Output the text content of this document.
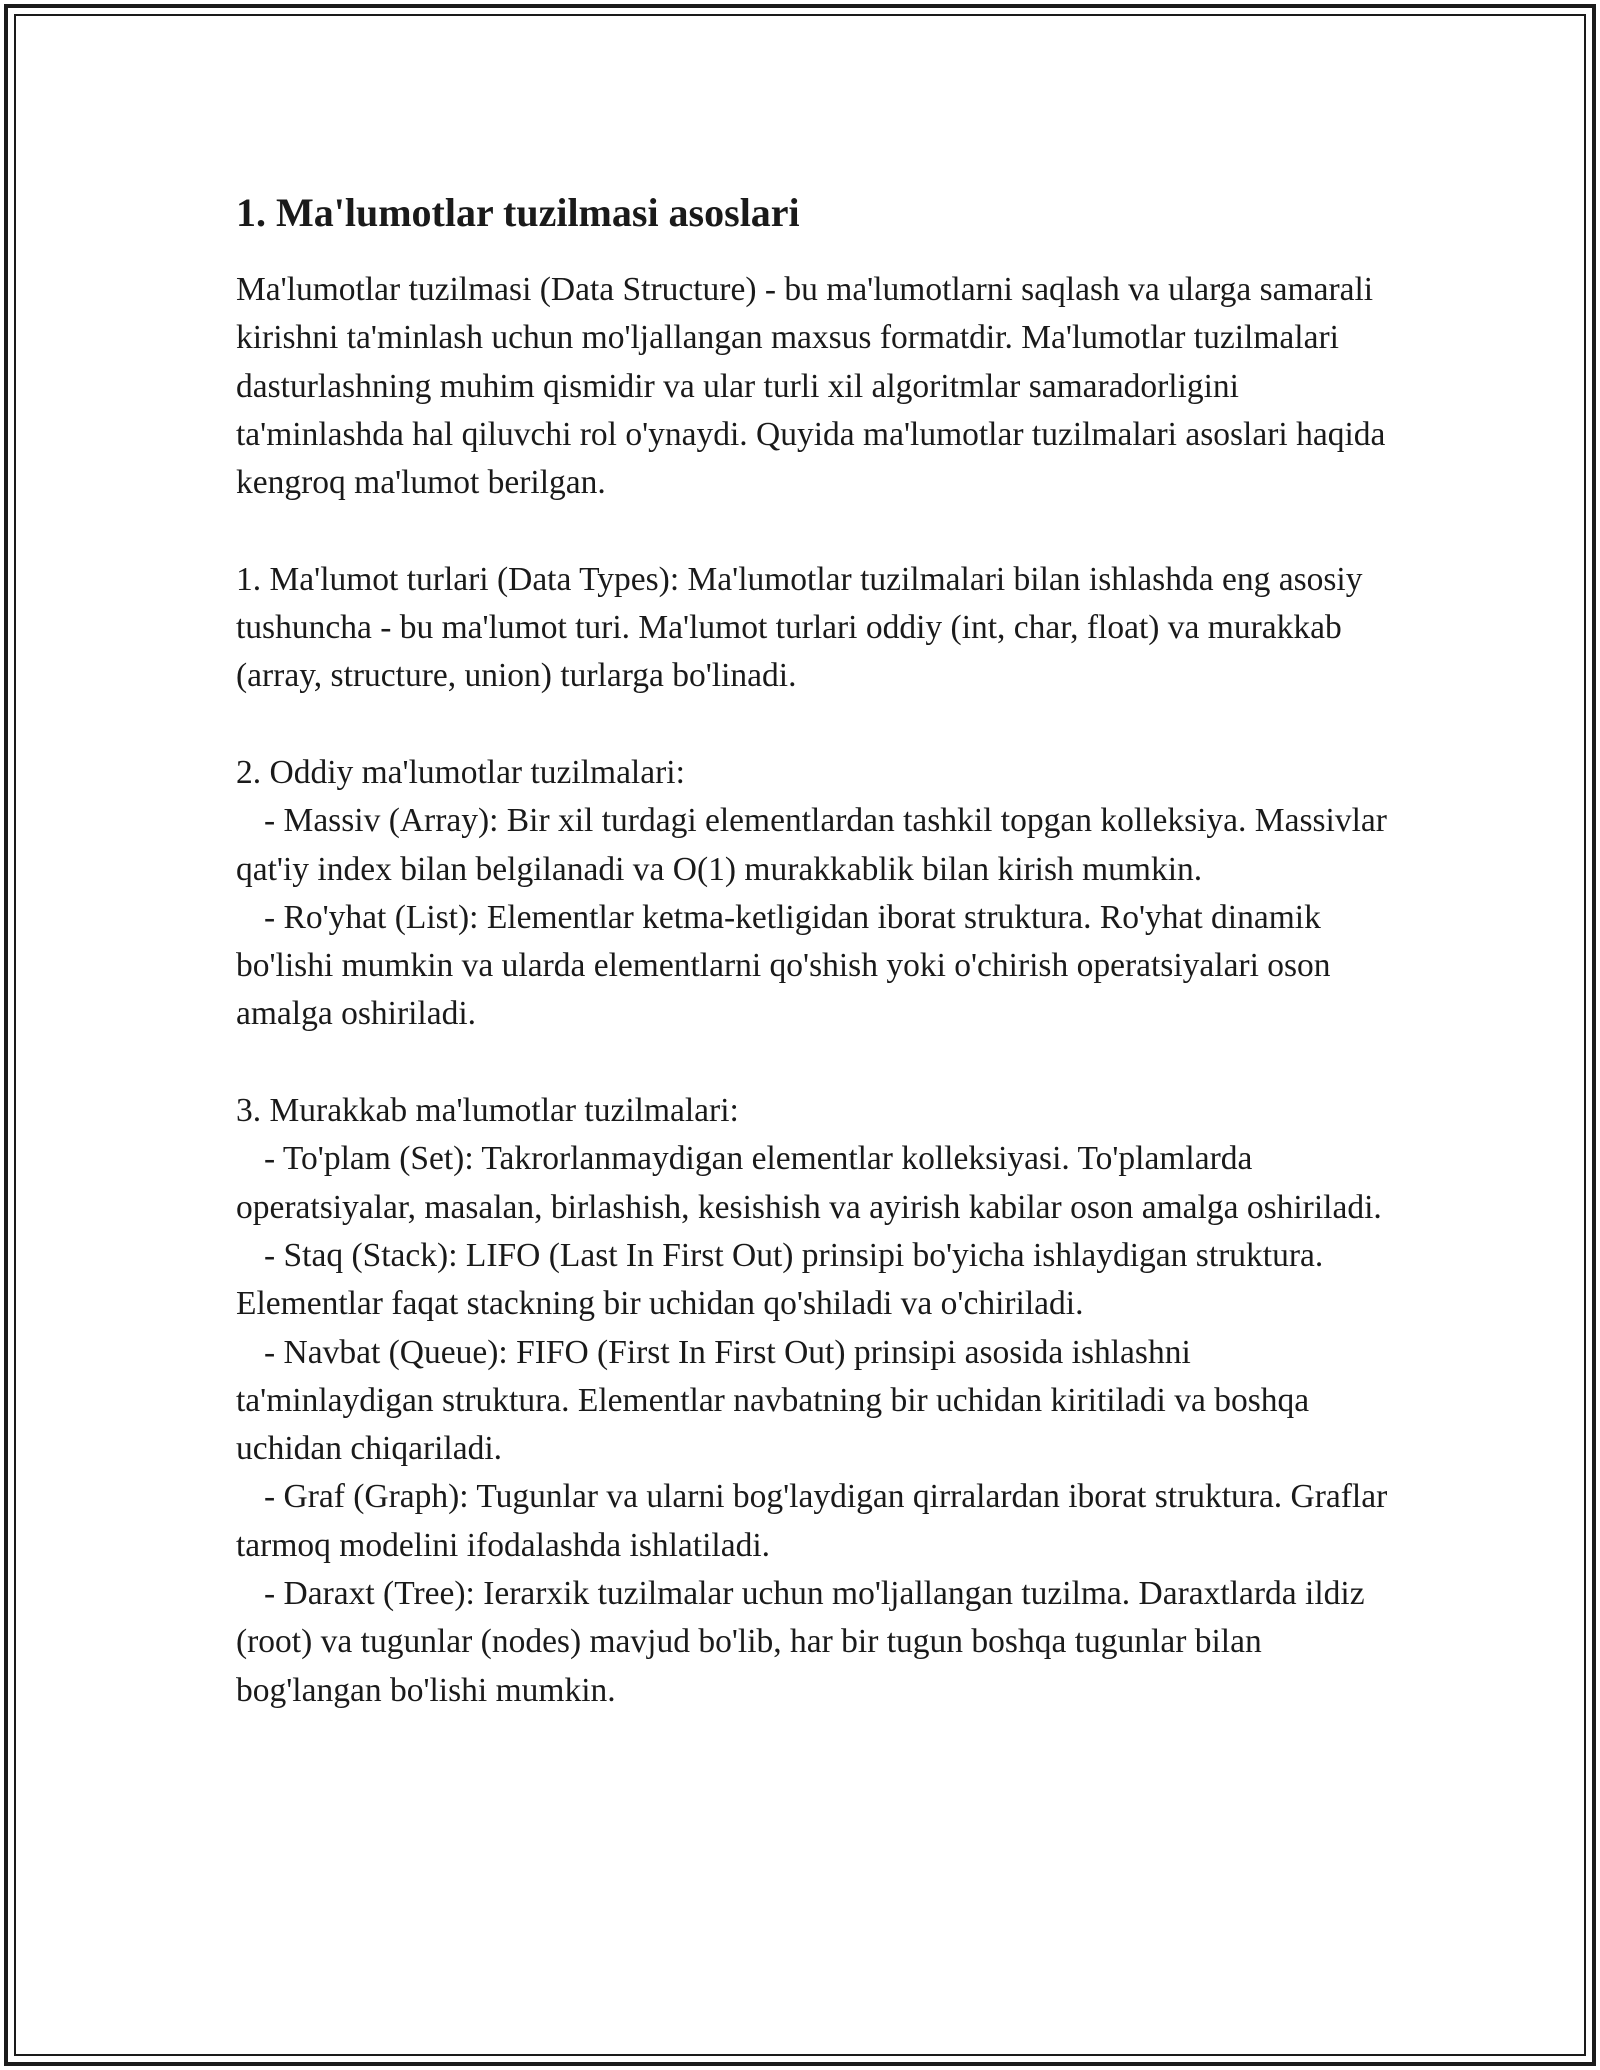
1. Ma'lumotlar tuzilmasi asoslari

Ma'lumotlar tuzilmasi (Data Structure) - bu ma'lumotlarni saqlash va ularga samarali kirishni ta'minlash uchun mo'ljallangan maxsus formatdir. Ma'lumotlar tuzilmalari dasturlashning muhim qismidir va ular turli xil algoritmlar samaradorligini ta'minlashda hal qiluvchi rol o'ynaydi. Quyida ma'lumotlar tuzilmalari asoslari haqida kengroq ma'lumot berilgan.

1. Ma'lumot turlari (Data Types): Ma'lumotlar tuzilmalari bilan ishlashda eng asosiy tushuncha - bu ma'lumot turi. Ma'lumot turlari oddiy (int, char, float) va murakkab (array, structure, union) turlarga bo'linadi.

2. Oddiy ma'lumotlar tuzilmalari:

- Massiv (Array): Bir xil turdagi elementlardan tashkil topgan kolleksiya. Massivlar qat'iy index bilan belgilanadi va O(1) murakkablik bilan kirish mumkin.

- Ro'yhat (List): Elementlar ketma-ketligidan iborat struktura. Ro'yhat dinamik bo'lishi mumkin va ularda elementlarni qo'shish yoki o'chirish operatsiyalari oson amalga oshiriladi.

3. Murakkab ma'lumotlar tuzilmalari:

- To'plam (Set): Takrorlanmaydigan elementlar kolleksiyasi. To'plamlarda operatsiyalar, masalan, birlashish, kesishish va ayirish kabilar oson amalga oshiriladi.

- Staq (Stack): LIFO (Last In First Out) prinsipi bo'yicha ishlaydigan struktura. Elementlar faqat stackning bir uchidan qo'shiladi va o'chiriladi.

- Navbat (Queue): FIFO (First In First Out) prinsipi asosida ishlashni ta'minlaydigan struktura. Elementlar navbatning bir uchidan kiritiladi va boshqa uchidan chiqariladi.

- Graf (Graph): Tugunlar va ularni bog'laydigan qirralardan iborat struktura. Graflar tarmoq modelini ifodalashda ishlatiladi.

- Daraxt (Tree): Ierarxik tuzilmalar uchun mo'ljallangan tuzilma. Daraxtlarda ildiz (root) va tugunlar (nodes) mavjud bo'lib, har bir tugun boshqa tugunlar bilan bog'langan bo'lishi mumkin.
